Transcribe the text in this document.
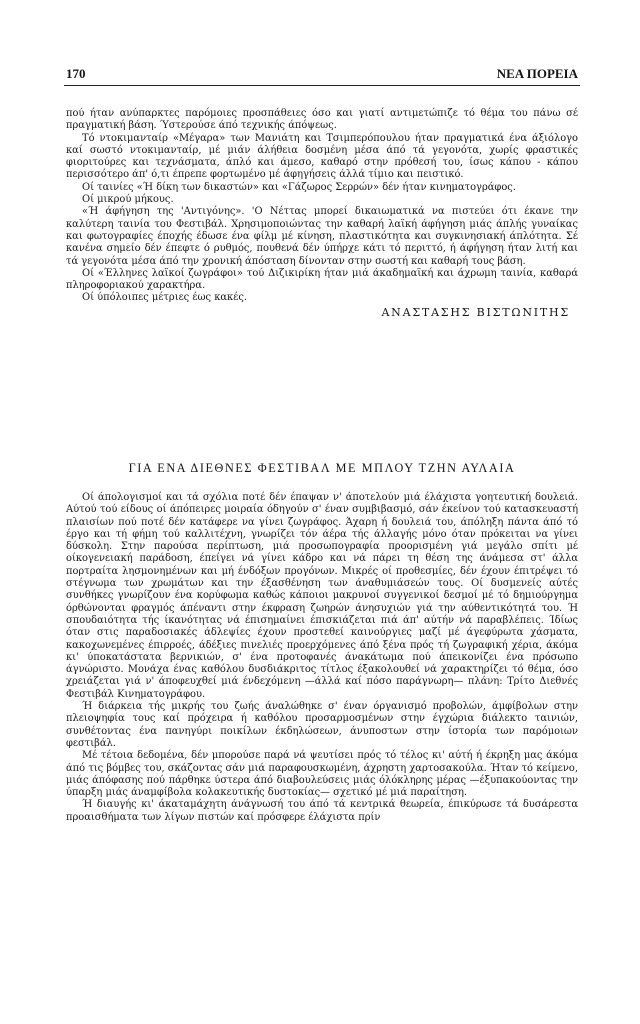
170	ΝΕΑ ΠΟΡΕΙΑ

πού ήταν ανύπαρκτες παρόμοιες προσπάθειες όσο και γιατί αντιμετώπιζε τό θέμα του πάνω σέ πραγματική βάση. Ύστερούσε άπό τεχνικής άπόψεως.

Τό ντοκιμανταίρ «Μέγαρα» των Μανιάτη και Τσιμπερόπουλου ήταν πραγματικά ένα άξιόλογο καί σωστό ντοκιμανταίρ, μέ μιάν άλήθεια δοσμένη μέσα άπό τά γεγονότα, χωρίς φραστικές φιοριτούρες και τεχνάσματα, άπλό και άμεσο, καθαρό στην πρόθεσή του, ίσως κάπου - κάπου περισσότερο άπ' ό,τι έπρεπε φορτωμένο μέ άφηγήσεις άλλά τίμιο και πειστικό.

Οί ταινίες «Ή δίκη των δικαστών» και «Γάζωρος Σερρών» δέν ήταν κινηματογράφος.

Οί μικρού μήκους.

«Ή άφήγηση της 'Αντιγόνης». 'Ο Νέττας μπορεί δικαιωματικά να πιστεύει ότι έκανε την καλύτερη ταινία του Φεστιβάλ. Χρησιμοποιώντας την καθαρή λαϊκή άφήγηση μιάς άπλής γυναίκας και φωτογραφίες έποχής έδωσε ένα φίλμ μέ κίνηση, πλαστικότητα και συγκινησιακή άπλότητα. Σέ κανένα σημείο δέν έπεφτε ό ρυθμός, πουθενά δέν ύπήρχε κάτι τό περιττό, ή άφήγηση ήταν λιτή και τά γεγονότα μέσα άπό την χρονική άπόσταση δίνονταν στην σωστή και καθαρή τους βάση.

Οί «Έλληνες λαϊκοί ζωγράφοι» τού Διζικιρίκη ήταν μιά άκαδημαϊκή και άχρωμη ταινία, καθαρά πληροφοριακού χαρακτήρα.

Οί ύπόλοιπες μέτριες έως κακές.

ΑΝΑΣΤΑΣΗΣ ΒΙΣΤΩΝΙΤΗΣ

ΓΙΑ ΕΝΑ ΔΙΕΘΝΕΣ ΦΕΣΤΙΒΑΛ ΜΕ ΜΠΛΟΥ ΤΖΗΝ ΑΥΛΑΙΑ

Οί άπολογισμοί και τά σχόλια ποτέ δέν έπαψαν ν' άποτελούν μιά έλάχιστα γοητευτική δουλειά. Αύτού τού είδους οί άπόπειρες μοιραία όδηγούν σ' έναν συμβιβασμό, σάν έκείνον τού κατασκευαστή πλαισίων πού ποτέ δέν κατάφερε να γίνει ζωγράφος. Άχαρη ή δουλειά του, άπόληξη πάντα άπό τό έργο και τή φήμη τού καλλιτέχνη, γνωρίζει τόν άέρα τής άλλαγής μόνο όταν πρόκειται να γίνει δύσκολη. Στην παρούσα περίπτωση, μιά προσωπογραφία προορισμένη γιά μεγάλο σπίτι μέ οίκογενειακή παράδοση, έπείγει νά γίνει κάδρο και νά πάρει τη θέση της άνάμεσα στ' άλλα πορτραίτα λησμονημένων και μή ένδόξων προγόνων. Μικρές οί προθεσμίες, δέν έχουν έπιτρέψει τό στέγνωμα των χρωμάτων και την έξασθένηση των άναθυμιάσεών τους. Οί δυσμενείς αύτές συνθήκες γνωρίζουν ένα κορύφωμα καθώς κάποιοι μακρυνοί συγγενικοί δεσμοί μέ τό δημιούργημα όρθώνονται φραγμός άπέναντι στην έκφραση ζωηρών άνησυχιών γιά την αύθεντικότητά του. Ή σπουδαιότητα τής ίκανότητας νά έπισημαίνει έπισκιάζεται πιά άπ' αύτήν νά παραβλέπεις. Ίδίως όταν στις παραδοσιακές άδλεψίες έχουν προστεθεί καινούργιες μαζί μέ άγεφύρωτα χάσματα, κακοχωνεμένες έπιρροές, άδέξιες πινελιές προερχόμενες άπό ξένα πρός τή ζωγραφική χέρια, άκόμα κι' ύποκατάστατα βερνικιών, σ' ένα προτοφανές άνακάτωμα πού άπεικονίζει ένα πρόσωπο άγνώριστο. Μονάχα ένας καθόλου δυσδιάκριτος τίτλος έξακολουθεί νά χαρακτηρίζει τό θέμα, όσο χρειάζεται γιά ν' άποφευχθεί μιά ένδεχόμενη —άλλά καί πόσο παράγνωρη— πλάνη: Τρίτο Διεθνές Φεστιβάλ Κινηματογράφου.

Ή διάρκεια τής μικρής του ζωής άναλώθηκε σ' έναν όργανισμό προβολών, άμφίβολων στην πλειοψηφία τους καί πρόχειρα ή καθόλου προσαρμοσμένων στην έγχώρια διάλεκτο ταινιών, συνθέτοντας ένα πανηγύρι ποικίλων έκδηλώσεων, άνυποστων στην ίστορία των παρόμοιων φεστιβάλ.

Μέ τέτοια δεδομένα, δέν μπορούσε παρά νά ψευτίσει πρός τό τέλος κι' αύτή ή έκρηξη μας άκόμα άπό τις βόμβες του, σκάζοντας σάν μιά παραφουσκωμένη, άχρηστη χαρτοσακούλα. Ήταν τό κείμενο, μιάς άπόφασης πού πάρθηκε ύστερα άπό διαβουλεύσεις μιάς όλόκληρης μέρας —έξυπακούοντας την ύπαρξη μιάς άναμφίβολα κολακευτικής δυστοκίας— σχετικό μέ μιά παραίτηση.

Ή διαυγής κι' άκαταμάχητη άνάγνωσή του άπό τά κεντρικά θεωρεία, έπικύρωσε τά δυσάρεστα προαισθήματα των λίγων πιστών καί πρόσφερε έλάχιστα πρίν
